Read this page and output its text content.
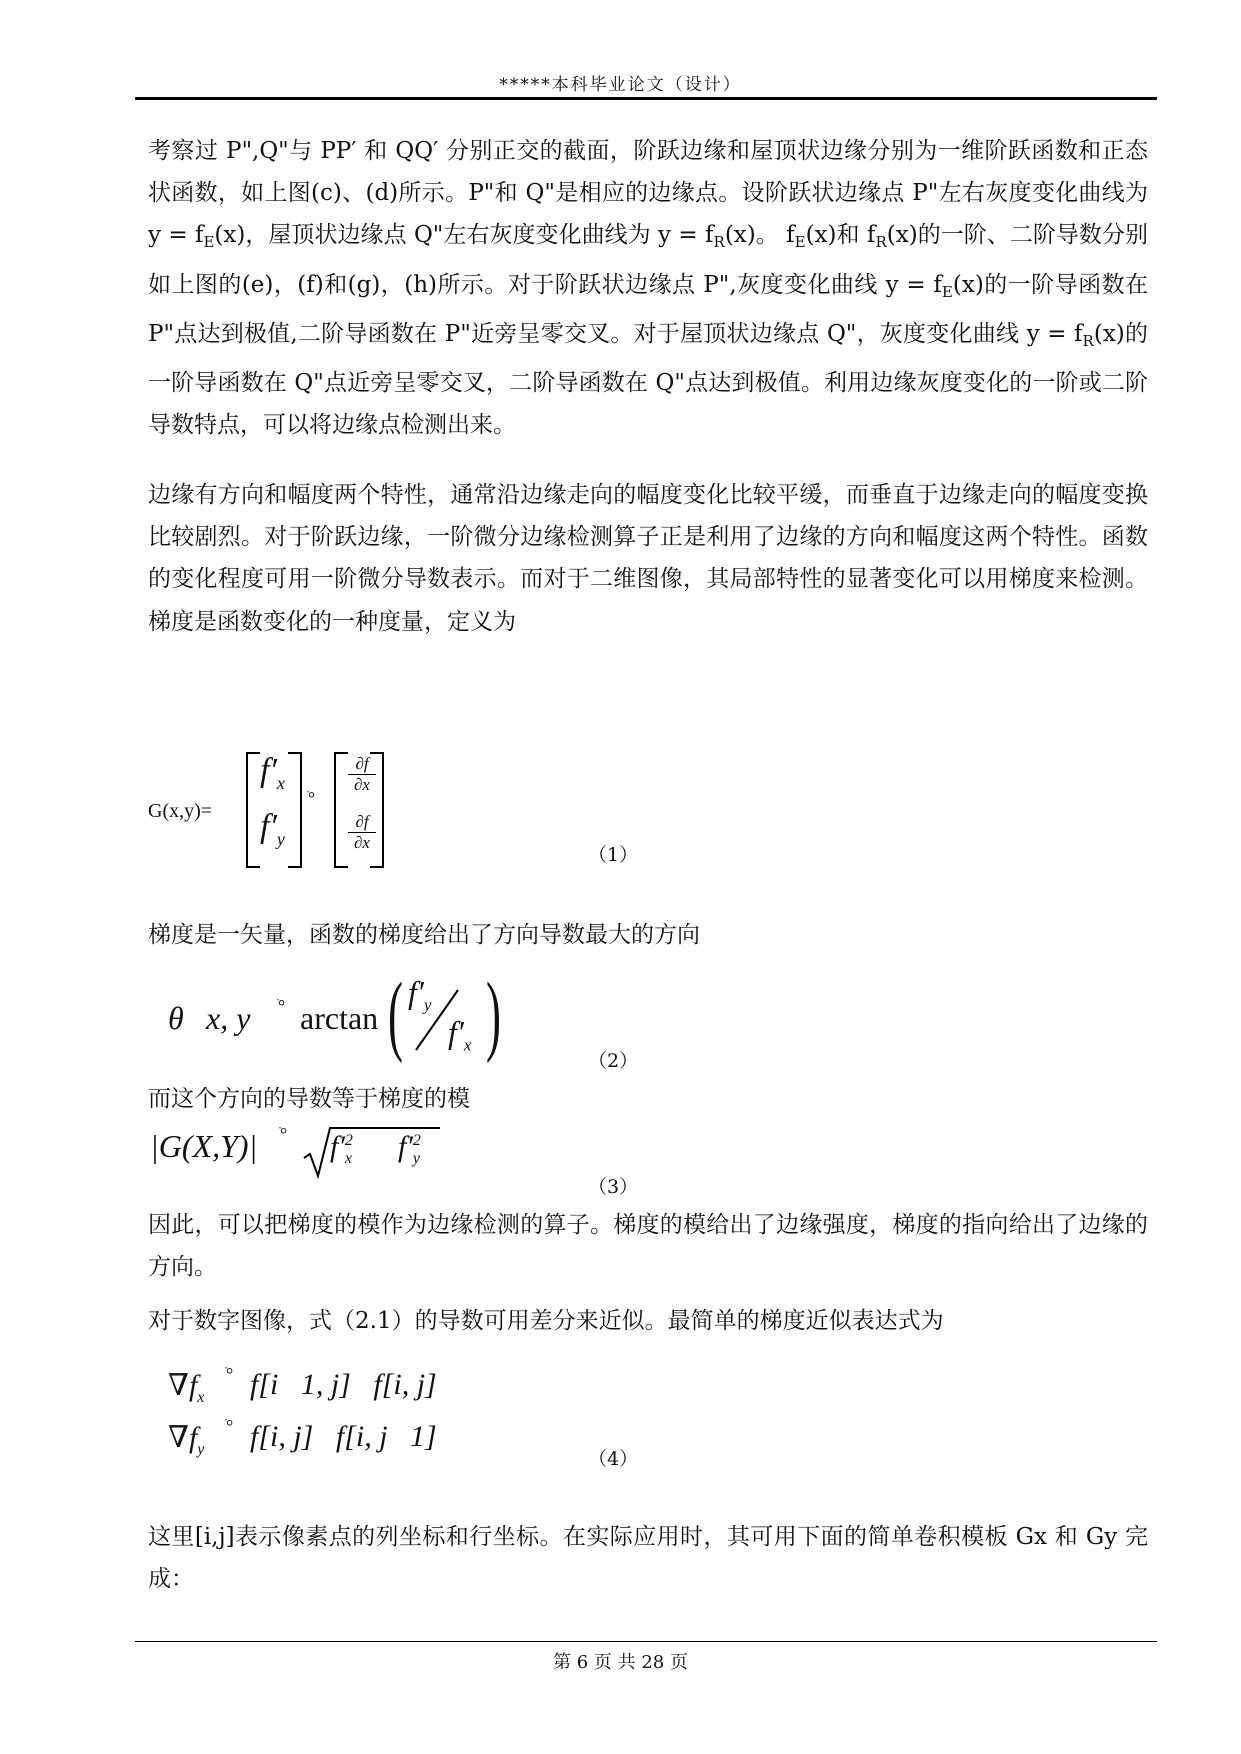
*****本科毕业论文（设计）

考察过 P",Q"与 PP′ 和 QQ′ 分别正交的截面，阶跃边缘和屋顶状边缘分别为一维阶跃函数和正态状函数，如上图(c)、(d)所示。P"和 Q"是相应的边缘点。设阶跃状边缘点 P"左右灰度变化曲线为 $y = f_E(x)$，屋顶状边缘点 Q"左右灰度变化曲线为 $y = f_R(x)$。 $f_E(x)$和 $f_R(x)$的一阶、二阶导数分别如上图的(e)，(f)和(g)，(h)所示。对于阶跃状边缘点 P",灰度变化曲线 $y = f_E(x)$的一阶导函数在 P"点达到极值,二阶导函数在 P"近旁呈零交叉。对于屋顶状边缘点 Q"，灰度变化曲线 $y = f_R(x)$的一阶导函数在 Q"点近旁呈零交叉，二阶导函数在 Q"点达到极值。利用边缘灰度变化的一阶或二阶导数特点，可以将边缘点检测出来。

边缘有方向和幅度两个特性，通常沿边缘走向的幅度变化比较平缓，而垂直于边缘走向的幅度变换比较剧烈。对于阶跃边缘，一阶微分边缘检测算子正是利用了边缘的方向和幅度这两个特性。函数的变化程度可用一阶微分导数表示。而对于二维图像，其局部特性的显著变化可以用梯度来检测。梯度是函数变化的一种度量，定义为

G(x,y)=
$f'_x$
$f'_y$
ׂ°
∂f
∂x
∂f
∂x
（1）

梯度是一矢量，函数的梯度给出了方向导数最大的方向

θ x, y ׂ° arctan ( $f'_y$
$f'_x$ )	（2）

而这个方向的导数等于梯度的模

|G(X,Y)| ׂ° $f'^2_x$ $f'^2_y$
（3）

因此，可以把梯度的模作为边缘检测的算子。梯度的模给出了边缘强度，梯度的指向给出了边缘的方向。

对于数字图像，式（2.1）的导数可用差分来近似。最简单的梯度近似表达式为

$\nabla f_x$
ׂ° f[i   1, j]   f[i, j]
$\nabla f_y$
ׂ° f[i, j]   f[i, j   1]
（4）

这里[i,j]表示像素点的列坐标和行坐标。在实际应用时，其可用下面的简单卷积模板 Gx 和 Gy 完成：

第 6 页 共 28 页
